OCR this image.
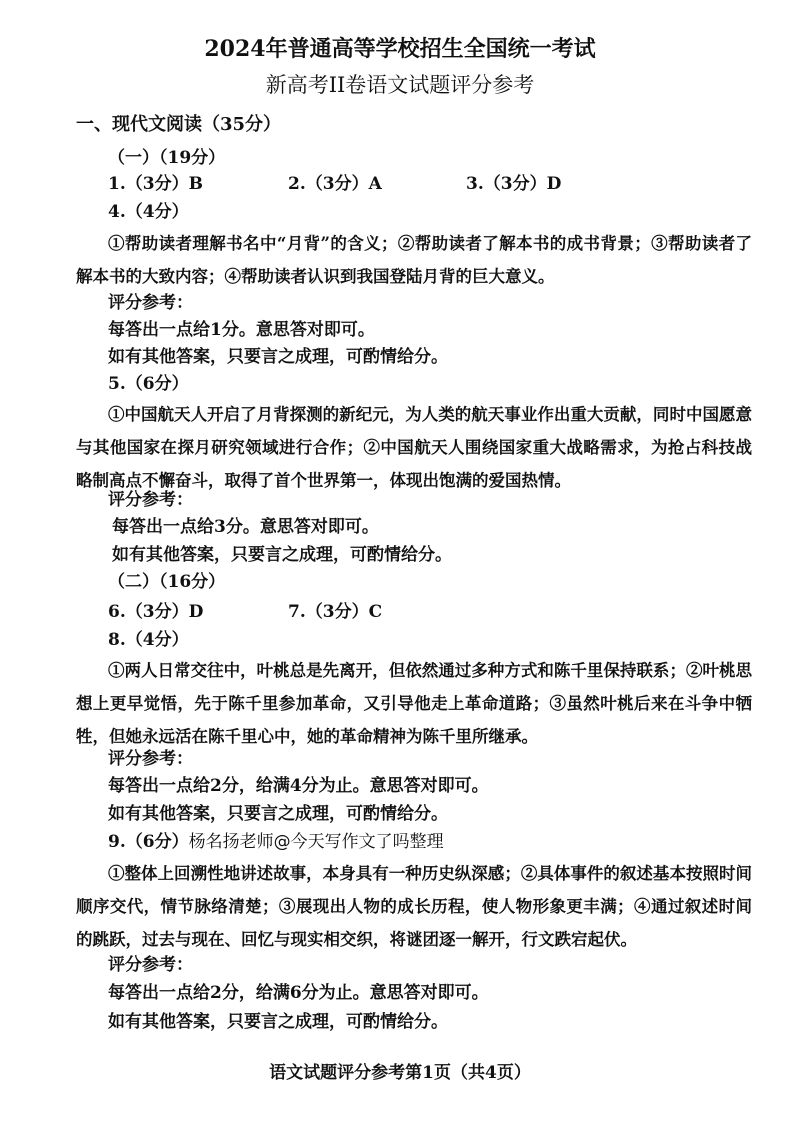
2024年普通高等学校招生全国统一考试
新高考II卷语文试题评分参考
一、现代文阅读（35分）
（一）（19分）
1.（3分）B	2.（3分）A	3.（3分）D
4.（4分）
①帮助读者理解书名中“月背”的含义；②帮助读者了解本书的成书背景；③帮助读者了解本书的大致内容；④帮助读者认识到我国登陆月背的巨大意义。
评分参考：
每答出一点给1分。意思答对即可。
如有其他答案，只要言之成理，可酌情给分。
5.（6分）
①中国航天人开启了月背探测的新纪元，为人类的航天事业作出重大贡献，同时中国愿意与其他国家在探月研究领域进行合作；②中国航天人围绕国家重大战略需求，为抢占科技战略制高点不懈奋斗，取得了首个世界第一，体现出饱满的爱国热情。
评分参考：
每答出一点给3分。意思答对即可。
如有其他答案，只要言之成理，可酌情给分。
（二）（16分）
6.（3分）D	7.（3分）C
8.（4分）
①两人日常交往中，叶桃总是先离开，但依然通过多种方式和陈千里保持联系；②叶桃思想上更早觉悟，先于陈千里参加革命，又引导他走上革命道路；③虽然叶桃后来在斗争中牺牲，但她永远活在陈千里心中，她的革命精神为陈千里所继承。
评分参考：
每答出一点给2分，给满4分为止。意思答对即可。
如有其他答案，只要言之成理，可酌情给分。
9.（6分）杨名扬老师@今天写作文了吗整理
①整体上回溯性地讲述故事，本身具有一种历史纵深感；②具体事件的叙述基本按照时间顺序交代，情节脉络清楚；③展现出人物的成长历程，使人物形象更丰满；④通过叙述时间的跳跃，过去与现在、回忆与现实相交织，将谜团逐一解开，行文跌宕起伏。
评分参考：
每答出一点给2分，给满6分为止。意思答对即可。
如有其他答案，只要言之成理，可酌情给分。
语文试题评分参考第1页（共4页）
